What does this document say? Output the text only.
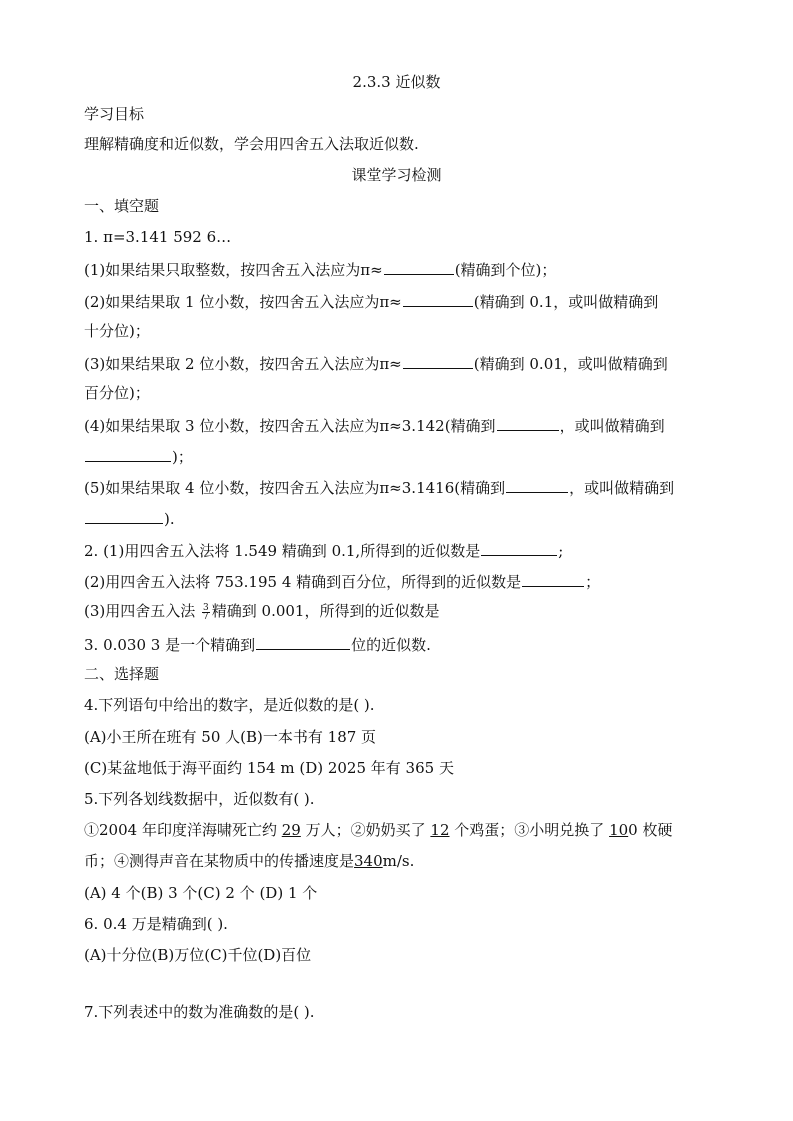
2.3.3 近似数
学习目标
理解精确度和近似数，学会用四舍五入法取近似数.
课堂学习检测
一、填空题
1. π=3.141 592 6…
(1)如果结果只取整数，按四舍五入法应为π≈	(精确到个位)；
(2)如果结果取 1 位小数，按四舍五入法应为π≈	(精确到 0.1，或叫做精确到
十分位)；
(3)如果结果取 2 位小数，按四舍五入法应为π≈	(精确到 0.01，或叫做精确到
百分位)；
(4)如果结果取 3 位小数，按四舍五入法应为π≈3.142(精确到	，或叫做精确到
)；
(5)如果结果取 4 位小数，按四舍五入法应为π≈3.1416(精确到	，或叫做精确到
).
2. (1)用四舍五入法将 1.549 精确到 0.1,所得到的近似数是	;
(2)用四舍五入法将 753.195 4 精确到百分位，所得到的近似数是	；
(3)用四舍五入法 $\frac{3}{7}$ 精确到 0.001，所得到的近似数是
3. 0.030 3 是一个精确到	位的近似数.
二、选择题
4.下列语句中给出的数字，是近似数的是( ).
(A)小王所在班有 50 人(B)一本书有 187 页
(C)某盆地低于海平面约 154 m (D) 2025 年有 365 天
5.下列各划线数据中，近似数有( ).
①2004 年印度洋海啸死亡约 29 万人；②奶奶买了 12 个鸡蛋；③小明兑换了 100 枚硬
币；④测得声音在某物质中的传播速度是340m/s.
(A) 4 个(B) 3 个(C) 2 个 (D) 1 个
6. 0.4 万是精确到( ).
(A)十分位(B)万位(C)千位(D)百位
7.下列表述中的数为准确数的是( ).
